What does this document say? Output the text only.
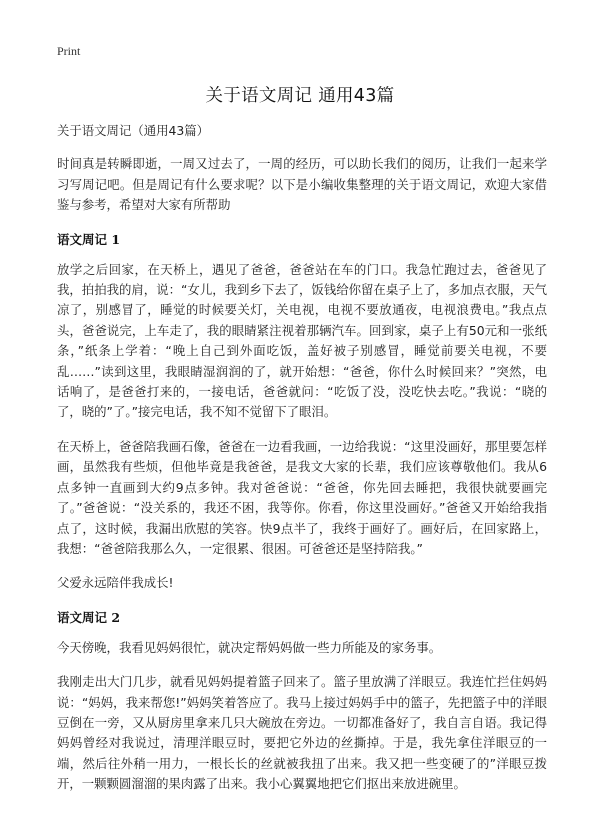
Print
关于语文周记 通用43篇

关于语文周记（通用43篇）

时间真是转瞬即逝，一周又过去了，一周的经历，可以助长我们的阅历，让我们一起来学习写周记吧。但是周记有什么要求呢？以下是小编收集整理的关于语文周记，欢迎大家借鉴与参考，希望对大家有所帮助

语文周记 1

放学之后回家，在天桥上，遇见了爸爸，爸爸站在车的门口。我急忙跑过去，爸爸见了我，拍拍我的肩，说：“女儿，我到乡下去了，饭钱给你留在桌子上了，多加点衣服，天气凉了，别感冒了，睡觉的时候要关灯，关电视，电视不要放通夜，电视浪费电。”我点点头，爸爸说完，上车走了，我的眼睛紧注视着那辆汽车。回到家，桌子上有50元和一张纸条，”纸条上学着：“晚上自己到外面吃饭，盖好被子别感冒，睡觉前要关电视，不要乱……”读到这里，我眼睛湿润润的了，就开始想：“爸爸，你什么时候回来？”突然，电话响了，是爸爸打来的，一接电话，爸爸就问：“吃饭了没，没吃快去吃。”我说：“晓的了，晓的”了。”接完电话，我不知不觉留下了眼泪。

在天桥上，爸爸陪我画石像，爸爸在一边看我画，一边给我说：“这里没画好，那里要怎样画，虽然我有些烦，但他毕竟是我爸爸，是我文大家的长辈，我们应该尊敬他们。我从6点多钟一直画到大约9点多钟。我对爸爸说：“爸爸，你先回去睡把，我很快就要画完了。”爸爸说：“没关系的，我还不困，我等你。你看，你这里没画好。”爸爸又开始给我指点了，这时候，我漏出欣慰的笑容。快9点半了，我终于画好了。画好后，在回家路上，我想：“爸爸陪我那么久，一定很累、很困。可爸爸还是坚持陪我。”

父爱永远陪伴我成长!

语文周记 2

今天傍晚，我看见妈妈很忙，就决定帮妈妈做一些力所能及的家务事。

我刚走出大门几步，就看见妈妈提着篮子回来了。篮子里放满了洋眼豆。我连忙拦住妈妈说：“妈妈，我来帮您!”妈妈笑着答应了。我马上接过妈妈手中的篮子，先把篮子中的洋眼豆倒在一旁，又从厨房里拿来几只大碗放在旁边。一切都准备好了，我自言自语。我记得妈妈曾经对我说过，清理洋眼豆时，要把它外边的丝撕掉。于是，我先拿住洋眼豆的一端，然后往外稍一用力，一根长长的丝就被我扭了出来。我又把一些变硬了的”洋眼豆拨开，一颗颗圆溜溜的果肉露了出来。我小心翼翼地把它们抠出来放进碗里。
